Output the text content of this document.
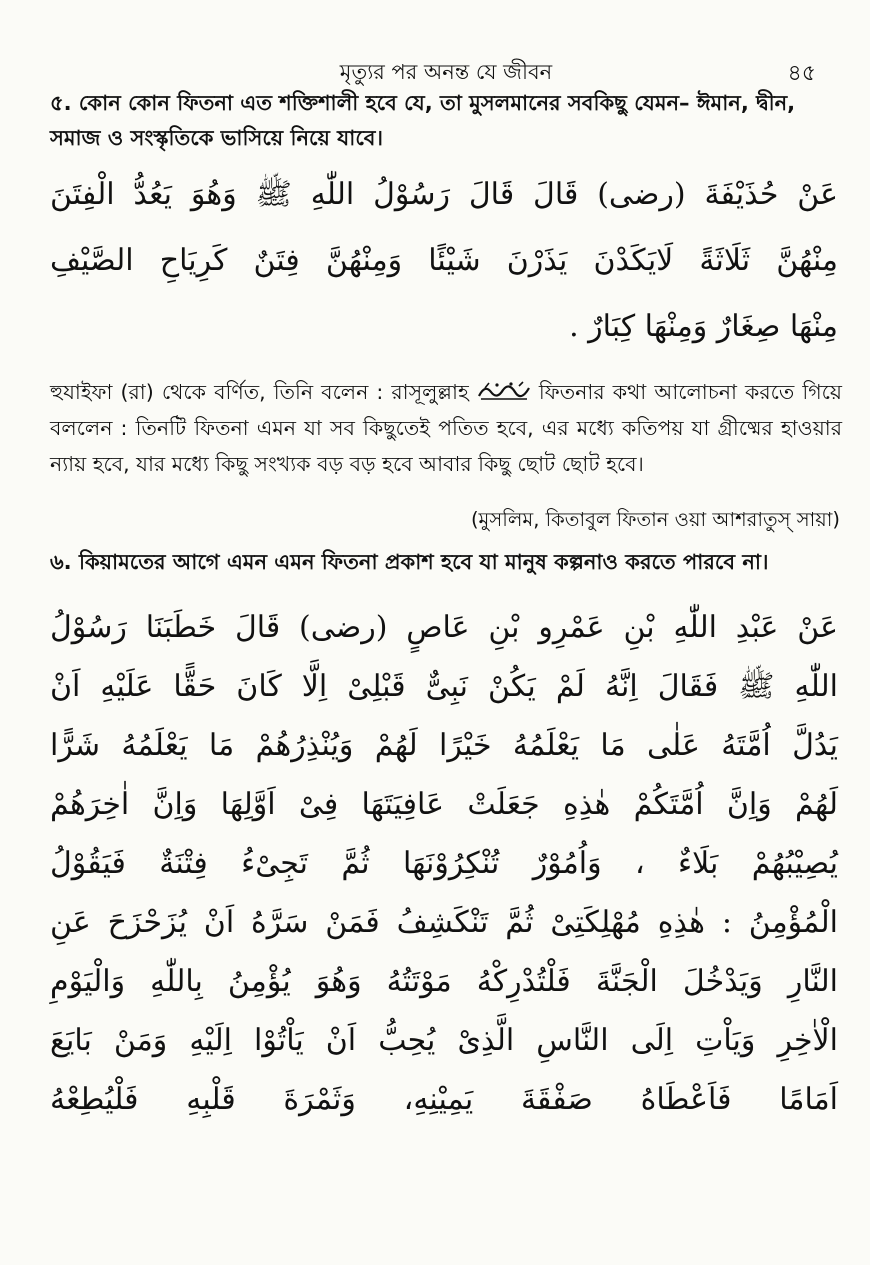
মৃত্যুর পর অনন্ত যে জীবন	৪৫

৫. কোন কোন ফিতনা এত শক্তিশালী হবে যে, তা মুসলমানের সবকিছু যেমন– ঈমান, দ্বীন, সমাজ ও সংস্কৃতিকে ভাসিয়ে নিয়ে যাবে।

عَنْ حُذَيْفَةَ (رضى) قَالَ قَالَ رَسُوْلُ اللّٰهِ ﷺ وَهُوَ يَعُدُّ الْفِتَنَ
مِنْهُنَّ ثَلَاثَةً لَايَكَدْنَ يَذَرْنَ شَيْئًا وَمِنْهُنَّ فِتَنٌ كَرِيَاحِ الصَّيْفِ
مِنْهَا صِغَارٌ وَمِنْهَا كِبَارٌ .

হুযাইফা (রা) থেকে বর্ণিত, তিনি বলেন : রাসূলুল্লাহ	ফিতনার কথা আলোচনা করতে গিয়ে বললেন : তিনটি ফিতনা এমন যা সব কিছুতেই পতিত হবে, এর মধ্যে কতিপয় যা গ্রীষ্মের হাওয়ার ন্যায় হবে, যার মধ্যে কিছু সংখ্যক বড় বড় হবে আবার কিছু ছোট ছোট হবে।

(মুসলিম, কিতাবুল ফিতান ওয়া আশরাতুস্ সায়া)

৬. কিয়ামতের আগে এমন এমন ফিতনা প্রকাশ হবে যা মানুষ কল্পনাও করতে পারবে না।

عَنْ عَبْدِ اللّٰهِ بْنِ عَمْرِو بْنِ عَاصٍ (رضى) قَالَ خَطَبَنَا رَسُوْلُ
اللّٰهِ ﷺ فَقَالَ اِنَّهُ لَمْ يَكُنْ نَبِىٌّ قَبْلِىْ اِلَّا كَانَ حَقًّا عَلَيْهِ اَنْ
يَدُلَّ اُمَّتَهُ عَلٰى مَا يَعْلَمُهُ خَيْرًا لَهُمْ وَيُنْذِرُهُمْ مَا يَعْلَمُهُ شَرًّا
لَهُمْ وَاِنَّ اُمَّتَكُمْ هٰذِهِ جَعَلَتْ عَافِيَتَهَا فِىْ اَوَّلِهَا وَاِنَّ اٰخِرَهُمْ
يُصِيْبُهُمْ بَلَاءٌ ، وَاُمُوْرٌ تُنْكِرُوْنَهَا ثُمَّ تَجِىْءُ فِتْنَةٌ فَيَقُوْلُ
الْمُؤْمِنُ : هٰذِهِ مُهْلِكَتِىْ ثُمَّ تَنْكَشِفُ فَمَنْ سَرَّهُ اَنْ يُزَحْزَحَ عَنِ
النَّارِ وَيَدْخُلَ الْجَنَّةَ فَلْتُدْرِكْهُ مَوْتَتُهُ وَهُوَ يُؤْمِنُ بِاللّٰهِ وَالْيَوْمِ
الْاٰخِرِ وَيَاْتِ اِلَى النَّاسِ الَّذِىْ يُحِبُّ اَنْ يَاْتُوْا اِلَيْهِ وَمَنْ بَايَعَ
اَمَامًا فَاَعْطَاهُ صَفْقَةَ يَمِيْنِهِ، وَثَمْرَةَ قَلْبِهِ فَلْيُطِعْهُ
